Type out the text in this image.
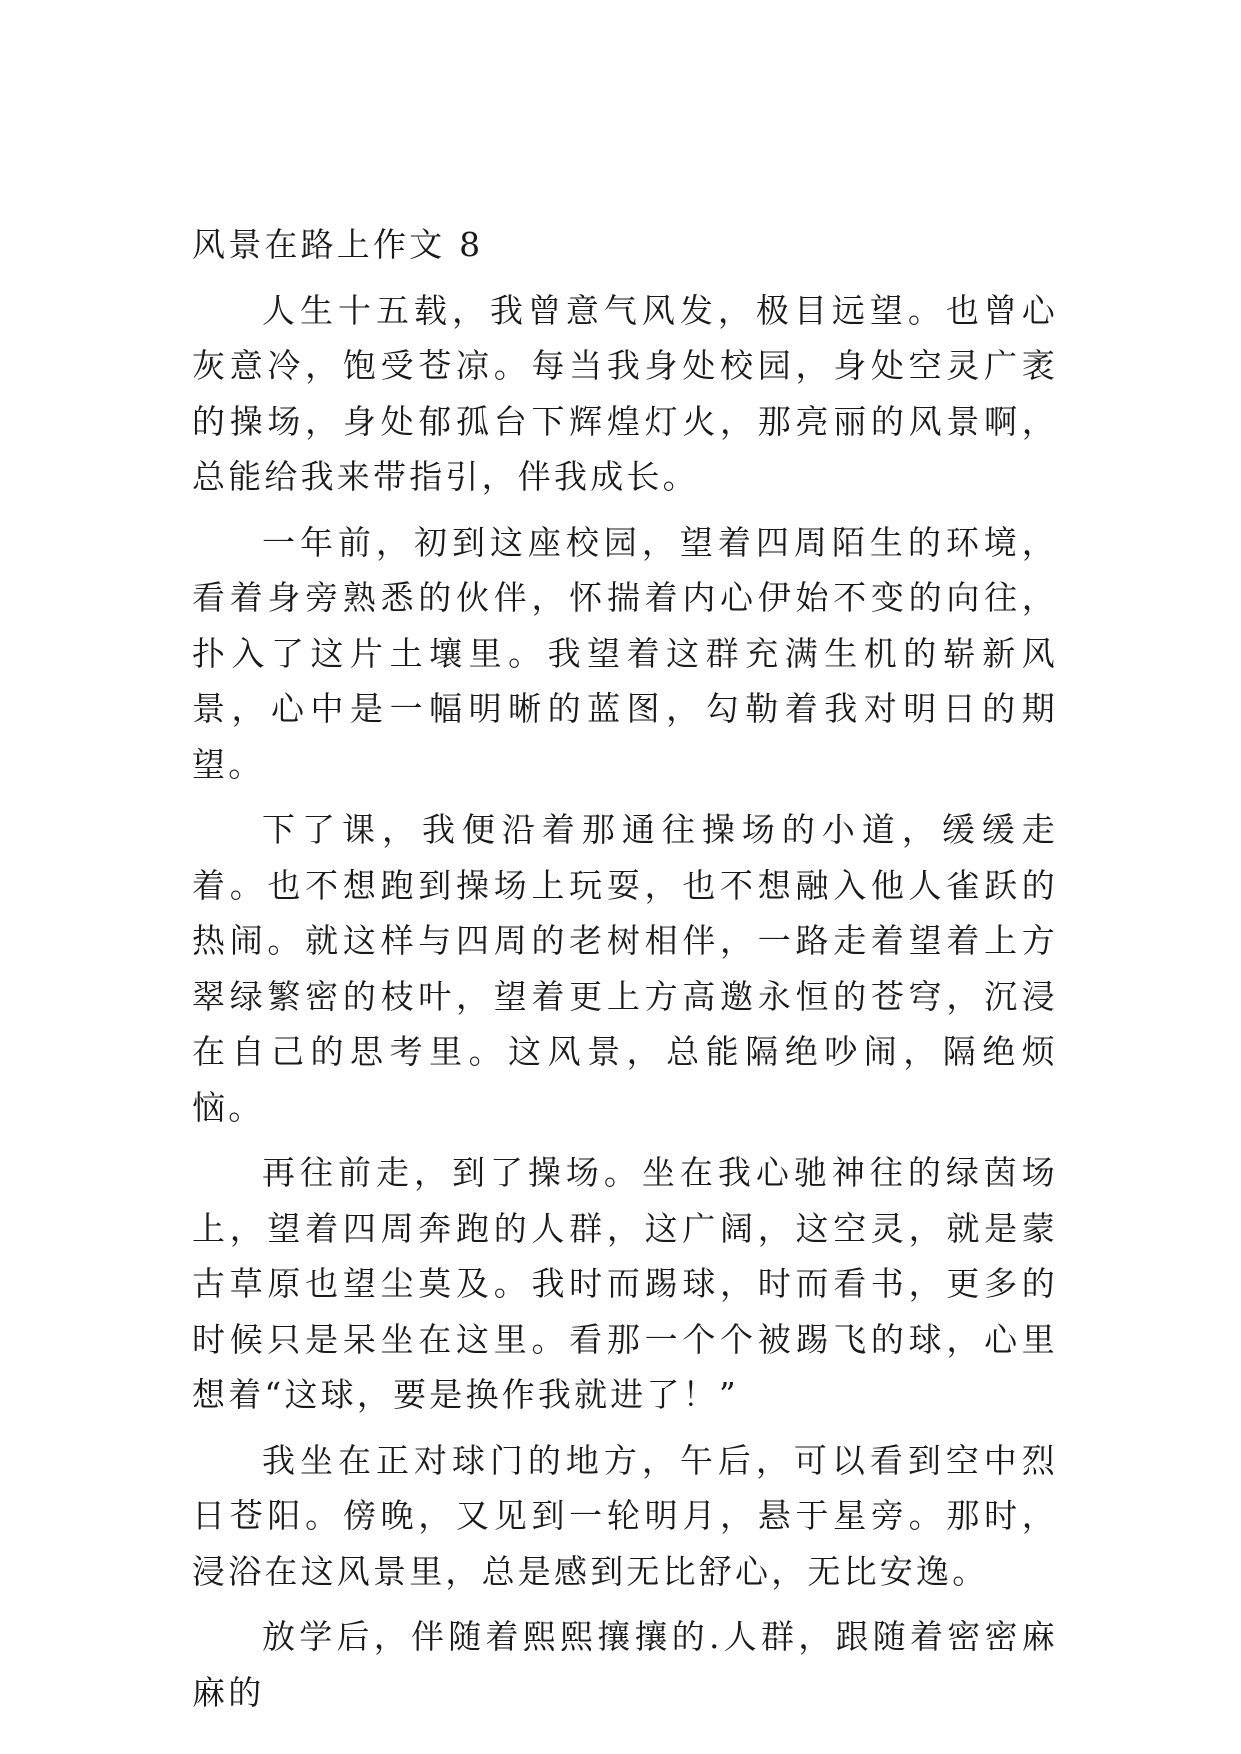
风景在路上作文 8

人生十五载，我曾意气风发，极目远望。也曾心灰意冷，饱受苍凉。每当我身处校园，身处空灵广袤的操场，身处郁孤台下辉煌灯火，那亮丽的风景啊，总能给我来带指引，伴我成长。

一年前，初到这座校园，望着四周陌生的环境，看着身旁熟悉的伙伴，怀揣着内心伊始不变的向往，扑入了这片土壤里。我望着这群充满生机的崭新风景，心中是一幅明晰的蓝图，勾勒着我对明日的期望。

下了课，我便沿着那通往操场的小道，缓缓走着。也不想跑到操场上玩耍，也不想融入他人雀跃的热闹。就这样与四周的老树相伴，一路走着望着上方翠绿繁密的枝叶，望着更上方高邀永恒的苍穹，沉浸在自己的思考里。这风景，总能隔绝吵闹，隔绝烦恼。

再往前走，到了操场。坐在我心驰神往的绿茵场上，望着四周奔跑的人群，这广阔，这空灵，就是蒙古草原也望尘莫及。我时而踢球，时而看书，更多的时候只是呆坐在这里。看那一个个被踢飞的球，心里想着“这球，要是换作我就进了！”

我坐在正对球门的地方，午后，可以看到空中烈日苍阳。傍晚，又见到一轮明月，悬于星旁。那时，浸浴在这风景里，总是感到无比舒心，无比安逸。

放学后，伴随着熙熙攘攘的.人群，跟随着密密麻麻的
